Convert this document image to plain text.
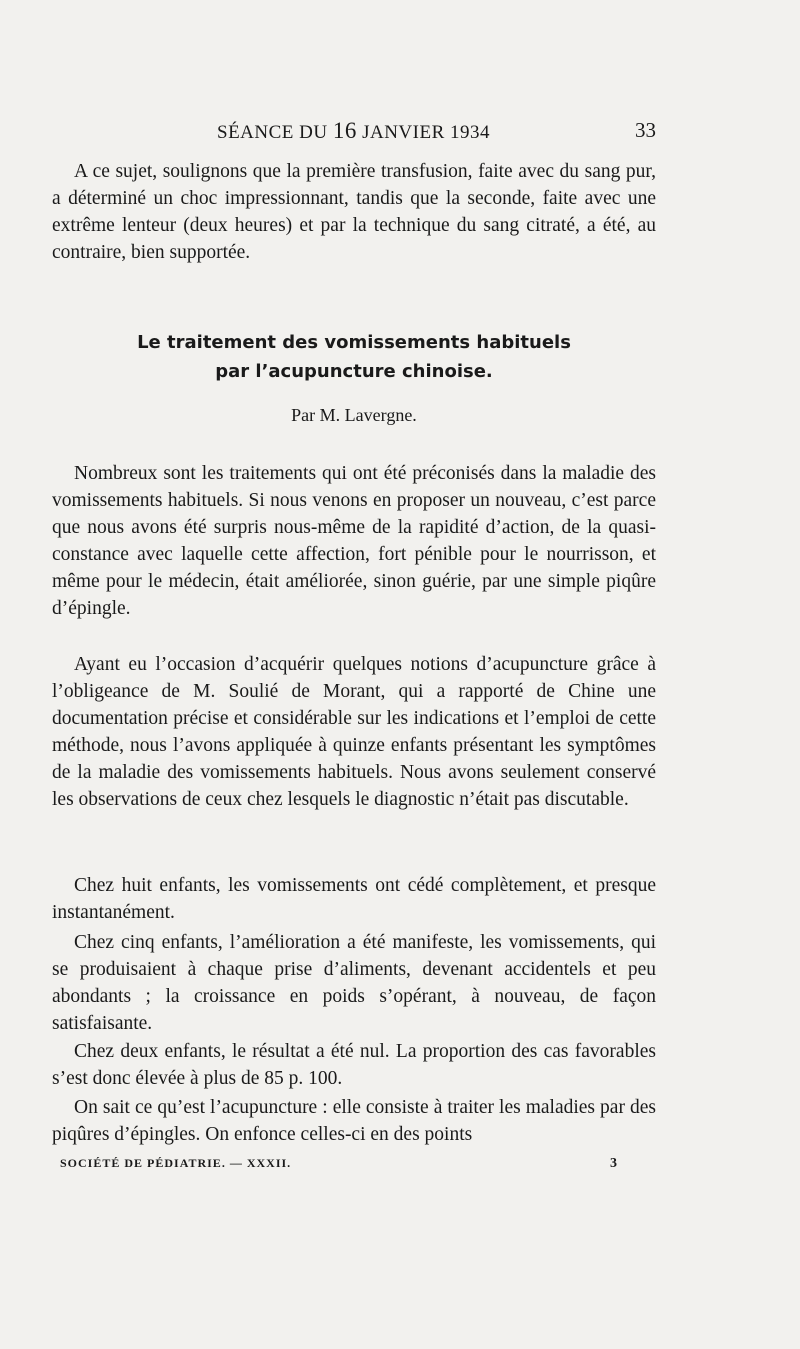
SÉANCE DU 16 JANVIER 1934	33

A ce sujet, soulignons que la première transfusion, faite avec du sang pur, a déterminé un choc impressionnant, tandis que la seconde, faite avec une extrême lenteur (deux heures) et par la technique du sang citraté, a été, au contraire, bien supportée.

Le traitement des vomissements habituels
par l’acupuncture chinoise.
Par M. Lavergne.

Nombreux sont les traitements qui ont été préconisés dans la maladie des vomissements habituels. Si nous venons en proposer un nouveau, c’est parce que nous avons été surpris nous-même de la rapidité d’action, de la quasi-constance avec laquelle cette affection, fort pénible pour le nourrisson, et même pour le médecin, était améliorée, sinon guérie, par une simple piqûre d’épingle.

Ayant eu l’occasion d’acquérir quelques notions d’acupuncture grâce à l’obligeance de M. Soulié de Morant, qui a rapporté de Chine une documentation précise et considérable sur les indications et l’emploi de cette méthode, nous l’avons appliquée à quinze enfants présentant les symptômes de la maladie des vomissements habituels. Nous avons seulement conservé les observations de ceux chez lesquels le diagnostic n’était pas discutable.

Chez huit enfants, les vomissements ont cédé complètement, et presque instantanément.

Chez cinq enfants, l’amélioration a été manifeste, les vomissements, qui se produisaient à chaque prise d’aliments, devenant accidentels et peu abondants ; la croissance en poids s’opérant, à nouveau, de façon satisfaisante.

Chez deux enfants, le résultat a été nul. La proportion des cas favorables s’est donc élevée à plus de 85 p. 100.

On sait ce qu’est l’acupuncture : elle consiste à traiter les maladies par des piqûres d’épingles. On enfonce celles-ci en des points

SOCIÉTÉ DE PÉDIATRIE. — XXXII.	3
